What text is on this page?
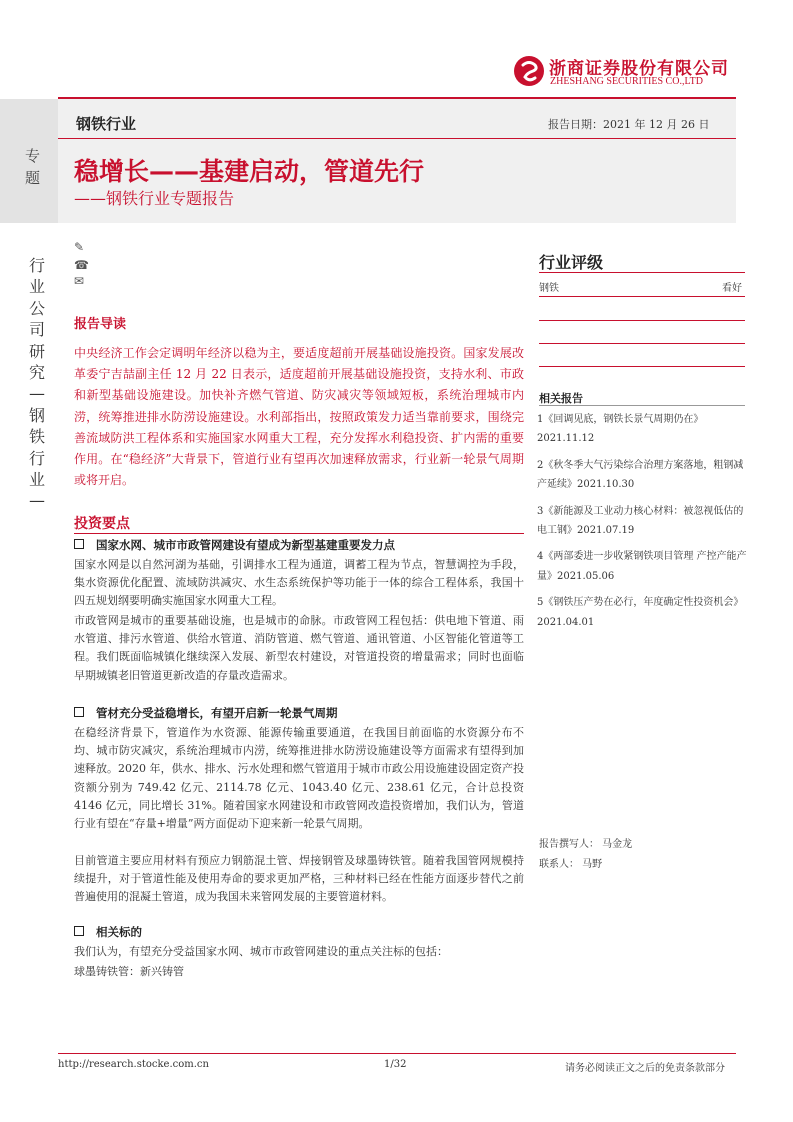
浙商证券股份有限公司
ZHESHANG SECURITIES CO.,LTD
专题
钢铁行业	报告日期：2021 年 12 月 26 日
稳增长——基建启动，管道先行
——钢铁行业专题报告
行业公司研究—钢铁行业—
✎
☎
✉
报告导读
中央经济工作会定调明年经济以稳为主，要适度超前开展基础设施投资。国家发展改革委宁吉喆副主任 12 月 22 日表示，适度超前开展基础设施投资，支持水利、市政和新型基础设施建设。加快补齐燃气管道、防灾减灾等领域短板，系统治理城市内涝，统筹推进排水防涝设施建设。水利部指出，按照政策发力适当靠前要求，围绕完善流域防洪工程体系和实施国家水网重大工程，充分发挥水利稳投资、扩内需的重要作用。在“稳经济”大背景下，管道行业有望再次加速释放需求，行业新一轮景气周期或将开启。
投资要点
国家水网、城市市政管网建设有望成为新型基建重要发力点
国家水网是以自然河湖为基础，引调排水工程为通道，调蓄工程为节点，智慧调控为手段，集水资源优化配置、流域防洪减灾、水生态系统保护等功能于一体的综合工程体系，我国十四五规划纲要明确实施国家水网重大工程。
市政管网是城市的重要基础设施，也是城市的命脉。市政管网工程包括：供电地下管道、雨水管道、排污水管道、供给水管道、消防管道、燃气管道、通讯管道、小区智能化管道等工程。我们既面临城镇化继续深入发展、新型农村建设，对管道投资的增量需求；同时也面临早期城镇老旧管道更新改造的存量改造需求。
管材充分受益稳增长，有望开启新一轮景气周期
在稳经济背景下，管道作为水资源、能源传输重要通道，在我国目前面临的水资源分布不均、城市防灾减灾，系统治理城市内涝，统筹推进排水防涝设施建设等方面需求有望得到加速释放。2020 年，供水、排水、污水处理和燃气管道用于城市市政公用设施建设固定资产投资额分别为 749.42 亿元、2114.78 亿元、1043.40 亿元、238.61 亿元，合计总投资 4146 亿元，同比增长 31%。随着国家水网建设和市政管网改造投资增加，我们认为，管道行业有望在“存量+增量”两方面促动下迎来新一轮景气周期。
目前管道主要应用材料有预应力钢筋混土管、焊接钢管及球墨铸铁管。随着我国管网规模持续提升，对于管道性能及使用寿命的要求更加严格，三种材料已经在性能方面逐步替代之前普遍使用的混凝土管道，成为我国未来管网发展的主要管道材料。
相关标的
我们认为，有望充分受益国家水网、城市市政管网建设的重点关注标的包括：
球墨铸铁管：新兴铸管
行业评级
钢铁	看好
相关报告
1《回调见底，钢铁长景气周期仍在》2021.11.12
2《秋冬季大气污染综合治理方案落地，粗钢减产延续》2021.10.30
3《新能源及工业动力核心材料：被忽视低估的电工钢》2021.07.19
4《两部委进一步收紧钢铁项目管理 产控产能产量》2021.05.06
5《钢铁压产势在必行，年度确定性投资机会》2021.04.01
报告撰写人： 马金龙
联系人： 马野
http://research.stocke.com.cn	1/32	请务必阅读正文之后的免责条款部分
